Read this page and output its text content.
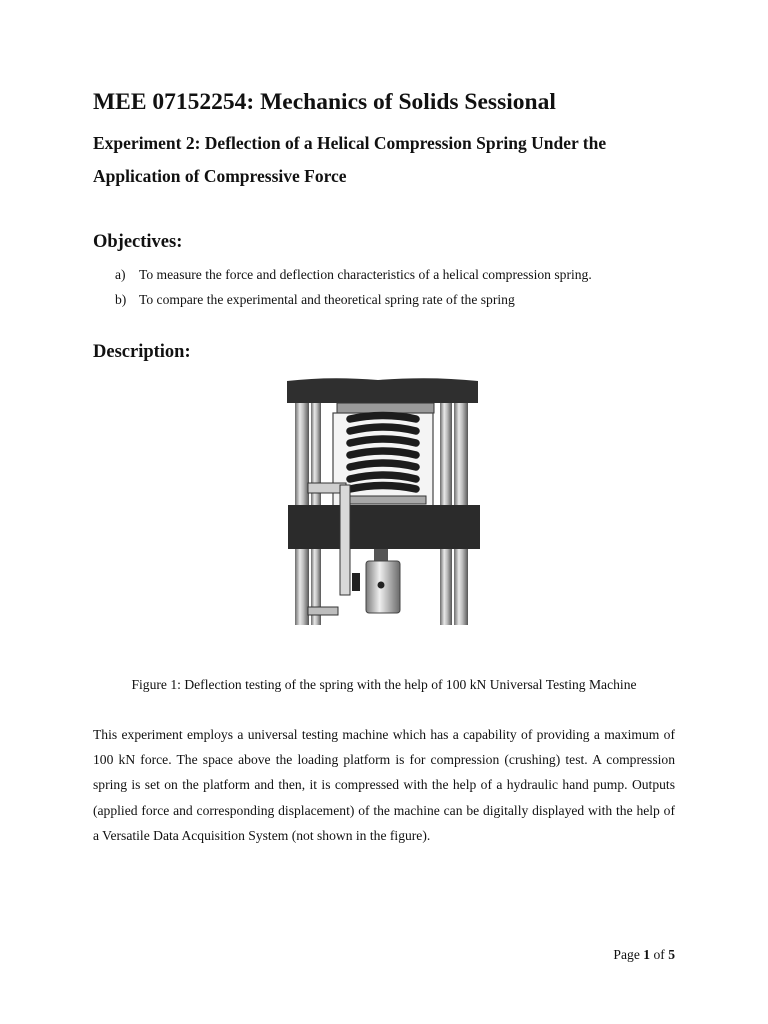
MEE 07152254: Mechanics of Solids Sessional
Experiment 2: Deflection of a Helical Compression Spring Under the Application of Compressive Force
Objectives:
a) To measure the force and deflection characteristics of a helical compression spring.
b) To compare the experimental and theoretical spring rate of the spring
Description:

Figure 1: Deflection testing of the spring with the help of 100 kN Universal Testing Machine

This experiment employs a universal testing machine which has a capability of providing a maximum of 100 kN force. The space above the loading platform is for compression (crushing) test. A compression spring is set on the platform and then, it is compressed with the help of a hydraulic hand pump. Outputs (applied force and corresponding displacement) of the machine can be digitally displayed with the help of a Versatile Data Acquisition System (not shown in the figure).

Page 1 of 5
